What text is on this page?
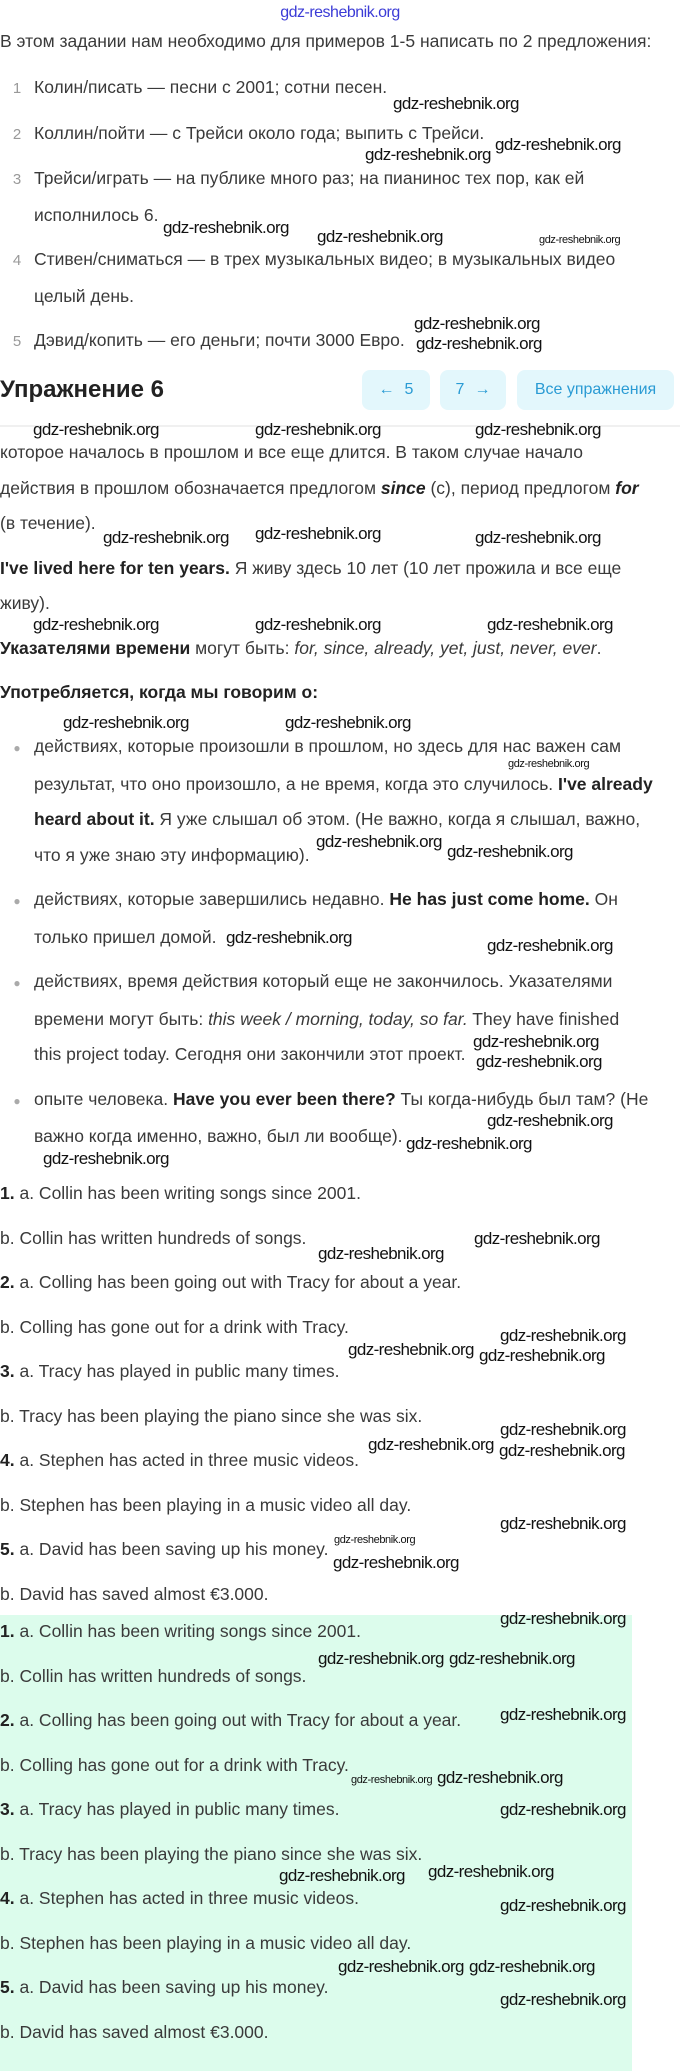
gdz-reshebnik.org
В этом задании нам необходимо для примеров 1-5 написать по 2 предложения:
1 Колин/писать — песни с 2001; сотни песен.
2 Коллин/пойти — с Трейси около года; выпить с Трейси.
3 Трейси/играть — на публике много раз; на пианинос тех пор, как ей
исполнилось 6.
4 Стивен/сниматься — в трех музыкальных видео; в музыкальных видео
целый день.
5 Дэвид/копить — его деньги; почти 3000 Евро.
Упражнение 6	← 5	7 →	Все упражнения
которое началось в прошлом и все еще длится. В таком случае начало
действия в прошлом обозначается предлогом since (с), период предлогом for
(в течение).
I've lived here for ten years. Я живу здесь 10 лет (10 лет прожила и все еще
живу).
Указателями времени могут быть: for, since, already, yet, just, never, ever.
Употребляется, когда мы говорим о:
● действиях, которые произошли в прошлом, но здесь для нас важен сам
результат, что оно произошло, а не время, когда это случилось. I've already
heard about it. Я уже слышал об этом. (Не важно, когда я слышал, важно,
что я уже знаю эту информацию).
● действиях, которые завершились недавно. He has just come home. Он
только пришел домой.
● действиях, время действия который еще не закончилось. Указателями
времени могут быть: this week / morning, today, so far. They have finished
this project today. Сегодня они закончили этот проект.
● опыте человека. Have you ever been there? Ты когда-нибудь был там? (Не
важно когда именно, важно, был ли вообще).
1. a. Collin has been writing songs since 2001.
b. Collin has written hundreds of songs.
2. a. Colling has been going out with Tracy for about a year.
b. Colling has gone out for a drink with Tracy.
3. a. Tracy has played in public many times.
b. Tracy has been playing the piano since she was six.
4. a. Stephen has acted in three music videos.
b. Stephen has been playing in a music video all day.
5. a. David has been saving up his money.
b. David has saved almost €3.000.
1. a. Collin has been writing songs since 2001.
b. Collin has written hundreds of songs.
2. a. Colling has been going out with Tracy for about a year.
b. Colling has gone out for a drink with Tracy.
3. a. Tracy has played in public many times.
b. Tracy has been playing the piano since she was six.
4. a. Stephen has acted in three music videos.
b. Stephen has been playing in a music video all day.
5. a. David has been saving up his money.
b. David has saved almost €3.000.
gdz-reshebnik.org
gdz-reshebnik.org
gdz-reshebnik.org
gdz-reshebnik.org gdz-reshebnik.org	gdz-reshebnik.org
gdz-reshebnik.org
gdz-reshebnik.org
gdz-reshebnik.org	gdz-reshebnik.org	gdz-reshebnik.org
gdz-reshebnik.org gdz-reshebnik.org	gdz-reshebnik.org
gdz-reshebnik.org	gdz-reshebnik.org	gdz-reshebnik.org
gdz-reshebnik.org	gdz-reshebnik.org
gdz-reshebnik.org
gdz-reshebnik.org
gdz-reshebnik.org
gdz-reshebnik.org	gdz-reshebnik.org
gdz-reshebnik.org
gdz-reshebnik.org
gdz-reshebnik.org
gdz-reshebnik.org
gdz-reshebnik.org
gdz-reshebnik.org
gdz-reshebnik.org
gdz-reshebnik.org
gdz-reshebnik.org gdz-reshebnik.org
gdz-reshebnik.org
gdz-reshebnik.org gdz-reshebnik.org
gdz-reshebnik.org
gdz-reshebnik.org
gdz-reshebnik.org
gdz-reshebnik.org
gdz-reshebnik.org gdz-reshebnik.org
gdz-reshebnik.org
gdz-reshebnik.org gdz-reshebnik.org
gdz-reshebnik.org
gdz-reshebnik.org
gdz-reshebnik.org
gdz-reshebnik.org
gdz-reshebnik.org gdz-reshebnik.org
gdz-reshebnik.org
